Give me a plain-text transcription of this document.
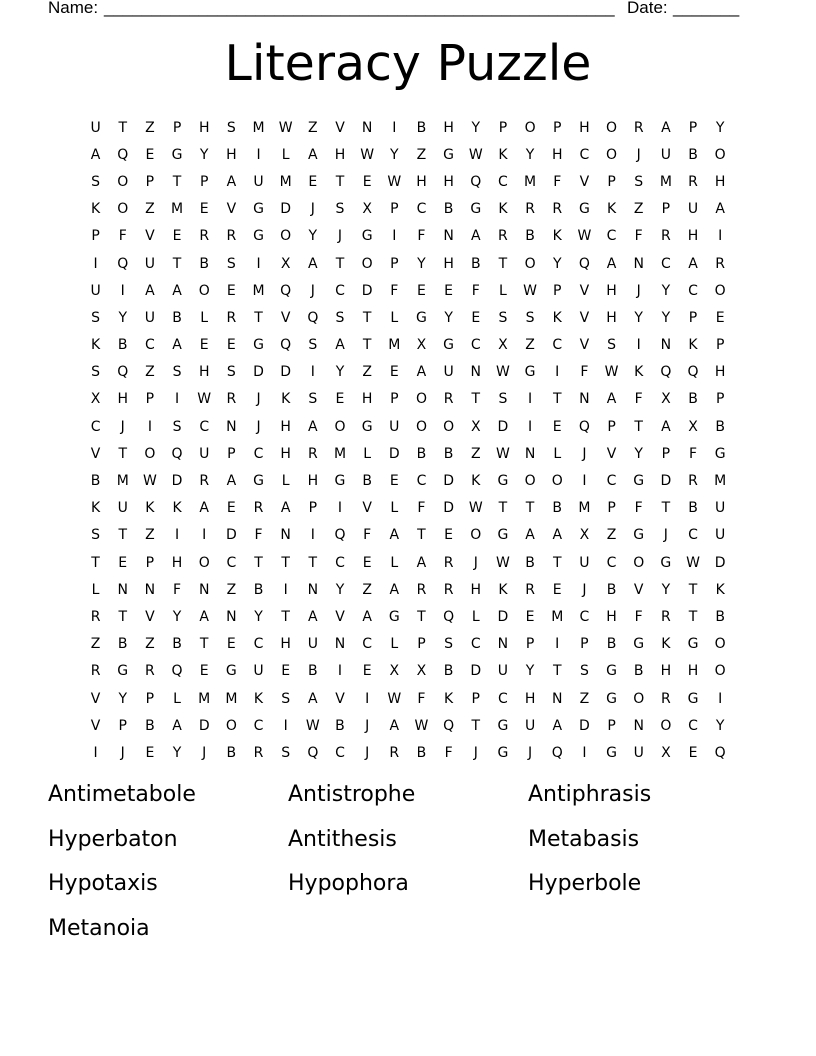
Name: ______________________________________________________ Date: _______
Literacy Puzzle
U	T	Z	P	H	S	M	W	Z	V	N	I	B	H	Y	P	O	P	H	O	R	A	P	Y
A	Q	E	G	Y	H	I	L	A	H	W	Y	Z	G	W	K	Y	H	C	O	J	U	B	O
S	O	P	T	P	A	U	M	E	T	E	W	H	H	Q	C	M	F	V	P	S	M	R	H
K	O	Z	M	E	V	G	D	J	S	X	P	C	B	G	K	R	R	G	K	Z	P	U	A
P	F	V	E	R	R	G	O	Y	J	G	I	F	N	A	R	B	K	W	C	F	R	H	I
I	Q	U	T	B	S	I	X	A	T	O	P	Y	H	B	T	O	Y	Q	A	N	C	A	R
U	I	A	A	O	E	M	Q	J	C	D	F	E	E	F	L	W	P	V	H	J	Y	C	O
S	Y	U	B	L	R	T	V	Q	S	T	L	G	Y	E	S	S	K	V	H	Y	Y	P	E
K	B	C	A	E	E	G	Q	S	A	T	M	X	G	C	X	Z	C	V	S	I	N	K	P
S	Q	Z	S	H	S	D	D	I	Y	Z	E	A	U	N	W	G	I	F	W	K	Q	Q	H
X	H	P	I	W	R	J	K	S	E	H	P	O	R	T	S	I	T	N	A	F	X	B	P
C	J	I	S	C	N	J	H	A	O	G	U	O	O	X	D	I	E	Q	P	T	A	X	B
V	T	O	Q	U	P	C	H	R	M	L	D	B	B	Z	W	N	L	J	V	Y	P	F	G
B	M	W	D	R	A	G	L	H	G	B	E	C	D	K	G	O	O	I	C	G	D	R	M
K	U	K	K	A	E	R	A	P	I	V	L	F	D	W	T	T	B	M	P	F	T	B	U
S	T	Z	I	I	D	F	N	I	Q	F	A	T	E	O	G	A	A	X	Z	G	J	C	U
T	E	P	H	O	C	T	T	T	C	E	L	A	R	J	W	B	T	U	C	O	G	W	D
L	N	N	F	N	Z	B	I	N	Y	Z	A	R	R	H	K	R	E	J	B	V	Y	T	K
R	T	V	Y	A	N	Y	T	A	V	A	G	T	Q	L	D	E	M	C	H	F	R	T	B
Z	B	Z	B	T	E	C	H	U	N	C	L	P	S	C	N	P	I	P	B	G	K	G	O
R	G	R	Q	E	G	U	E	B	I	E	X	X	B	D	U	Y	T	S	G	B	H	H	O
V	Y	P	L	M	M	K	S	A	V	I	W	F	K	P	C	H	N	Z	G	O	R	G	I
V	P	B	A	D	O	C	I	W	B	J	A	W	Q	T	G	U	A	D	P	N	O	C	Y
I	J	E	Y	J	B	R	S	Q	C	J	R	B	F	J	G	J	Q	I	G	U	X	E	Q
Antimetabole	Antistrophe	Antiphrasis
Hyperbaton	Antithesis	Metabasis
Hypotaxis	Hypophora	Hyperbole
Metanoia
